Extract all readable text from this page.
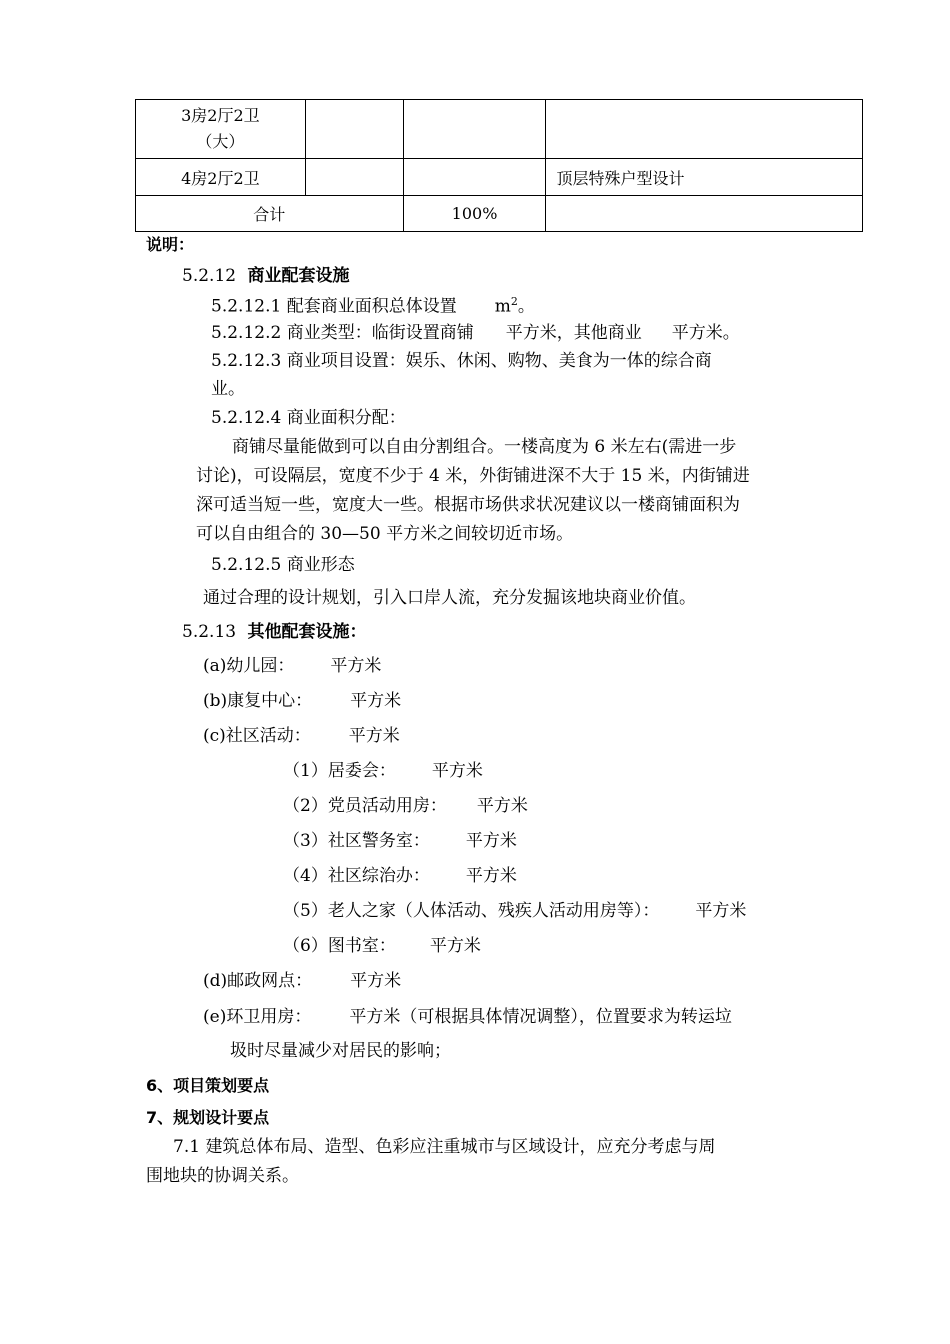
3房2厅2卫
（大）			
4房2厅2卫			顶层特殊户型设计
合计		100%	
说明：
5.2.12 商业配套设施
5.2.12.1 配套商业面积总体设置 $m^2$。
5.2.12.2 商业类型：临街设置商铺 平方米，其他商业 平方米。
5.2.12.3 商业项目设置：娱乐、休闲、购物、美食为一体的综合商
业。
5.2.12.4 商业面积分配：
商铺尽量能做到可以自由分割组合。一楼高度为 6 米左右(需进一步
讨论)，可设隔层，宽度不少于 4 米，外街铺进深不大于 15 米，内街铺进
深可适当短一些，宽度大一些。根据市场供求状况建议以一楼商铺面积为
可以自由组合的 30—50 平方米之间较切近市场。
5.2.12.5 商业形态
通过合理的设计规划，引入口岸人流，充分发掘该地块商业价值。
5.2.13 其他配套设施：
(a)幼儿园： 平方米
(b)康复中心： 平方米
(c)社区活动： 平方米
（1）居委会： 平方米
（2）党员活动用房： 平方米
（3）社区警务室： 平方米
（4）社区综治办： 平方米
（5）老人之家（人体活动、残疾人活动用房等）： 平方米
（6）图书室： 平方米
(d)邮政网点： 平方米
(e)环卫用房： 平方米（可根据具体情况调整），位置要求为转运垃
圾时尽量减少对居民的影响；
6、项目策划要点
7、规划设计要点
7.1 建筑总体布局、造型、色彩应注重城市与区域设计，应充分考虑与周
围地块的协调关系。
